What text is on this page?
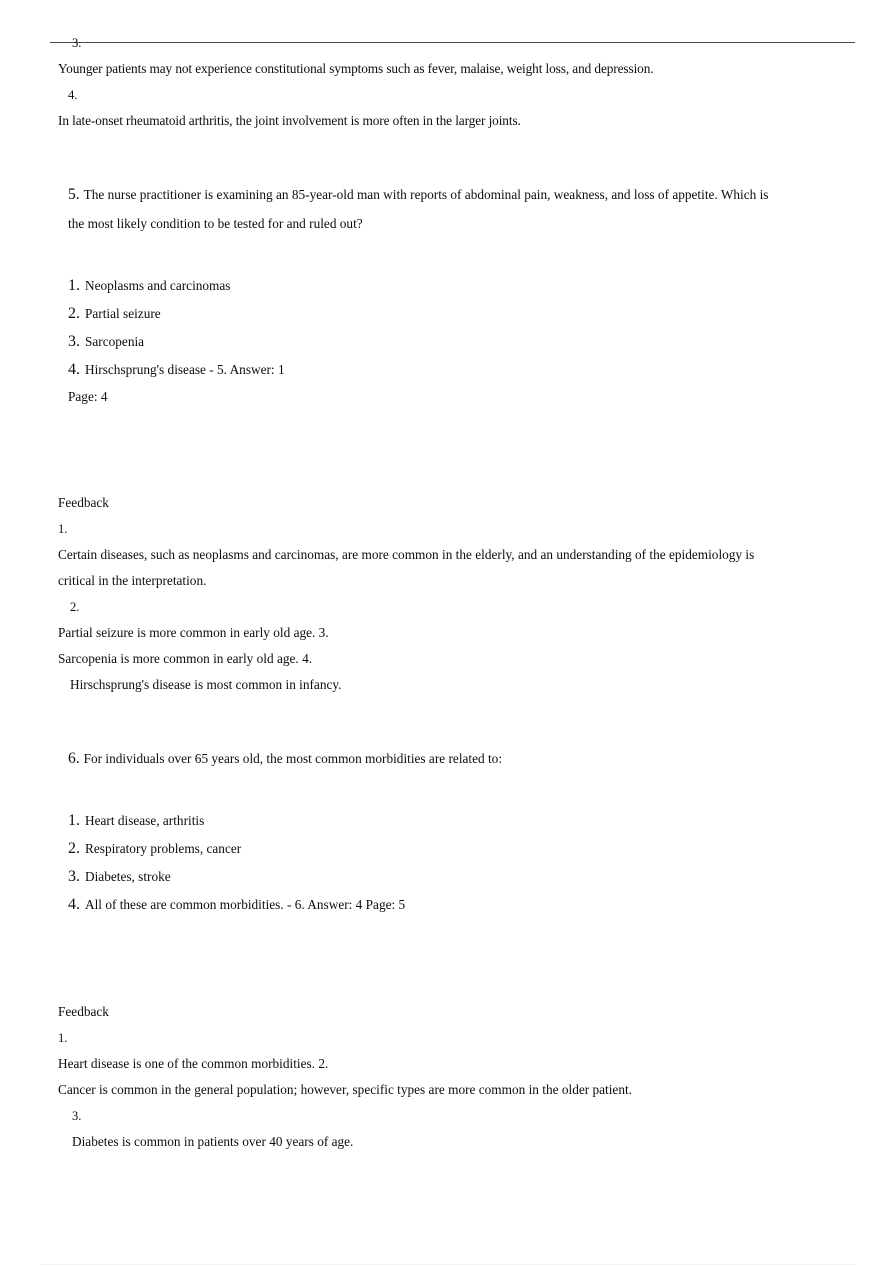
3.
Younger patients may not experience constitutional symptoms such as fever, malaise, weight loss, and depression.
4.
In late-onset rheumatoid arthritis, the joint involvement is more often in the larger joints.
5. The nurse practitioner is examining an 85-year-old man with reports of abdominal pain, weakness, and loss of appetite. Which is the most likely condition to be tested for and ruled out?
1. Neoplasms and carcinomas
2. Partial seizure
3. Sarcopenia
4. Hirschsprung's disease - 5. Answer: 1
Page: 4
Feedback
1.
Certain diseases, such as neoplasms and carcinomas, are more common in the elderly, and an understanding of the epidemiology is critical in the interpretation.
2.
Partial seizure is more common in early old age. 3.
Sarcopenia is more common in early old age. 4.
Hirschsprung's disease is most common in infancy.
6. For individuals over 65 years old, the most common morbidities are related to:
1. Heart disease, arthritis
2. Respiratory problems, cancer
3. Diabetes, stroke
4. All of these are common morbidities. - 6. Answer: 4 Page: 5
Feedback
1.
Heart disease is one of the common morbidities. 2.
Cancer is common in the general population; however, specific types are more common in the older patient.
3.
Diabetes is common in patients over 40 years of age.
